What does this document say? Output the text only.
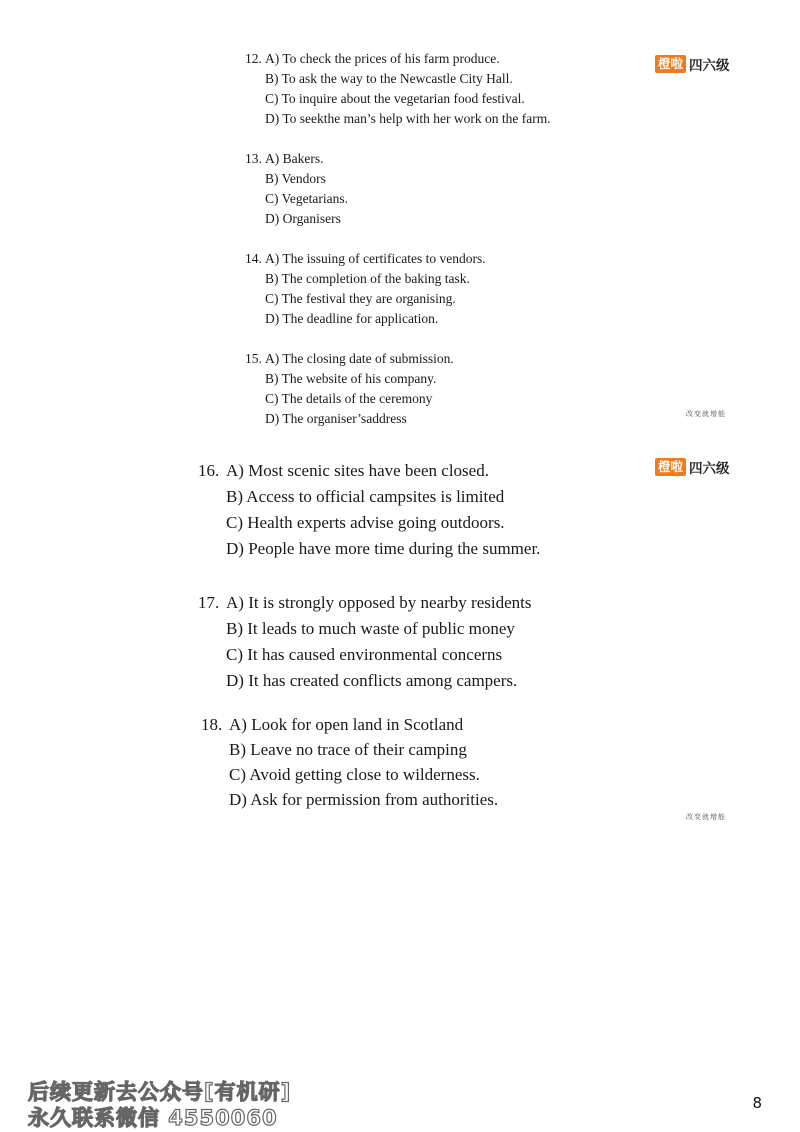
橙啦 四六级
橙啦 四六级
改变就增能
改变就增能
12. A) To check the prices of his farm produce.
B) To ask the way to the Newcastle City Hall.
C) To inquire about the vegetarian food festival.
D) To seekthe man’s help with her work on the farm.
13. A) Bakers.
B) Vendors
C) Vegetarians.
D) Organisers
14. A) The issuing of certificates to vendors.
B) The completion of the baking task.
C) The festival they are organising.
D) The deadline for application.
15. A) The closing date of submission.
B) The website of his company.
C) The details of the ceremony
D) The organiser’saddress
16. A) Most scenic sites have been closed.
B) Access to official campsites is limited
C) Health experts advise going outdoors.
D) People have more time during the summer.
17. A) It is strongly opposed by nearby residents
B) It leads to much waste of public money
C) It has caused environmental concerns
D) It has created conflicts among campers.
18. A) Look for open land in Scotland
B) Leave no trace of their camping
C) Avoid getting close to wilderness.
D) Ask for permission from authorities.
后续更新去公众号[有机研]
永久联系微信 4550060
8
